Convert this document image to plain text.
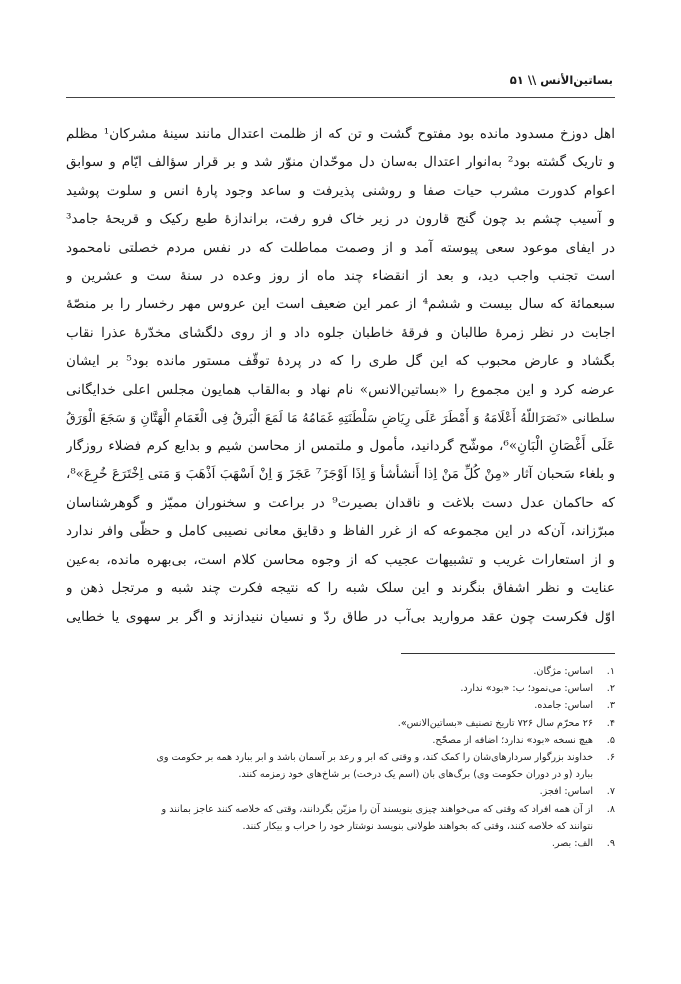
بساتین‌الأنس \\ ۵۱
اهل دوزخ مسدود مانده بود مفتوح گشت و تن که از ظلمت اعتدال مانند سینهٔ مشرکان¹ مظلم
و تاریک گشته بود² به‌انوار اعتدال به‌سان دل موحّدان منوّر شد و بر قرار سؤالف ایّام و سوابق
اعوام کدورت مشرب حیات صفا و روشنی پذیرفت و ساعد وجود پارهٔ انس و سلوت پوشید
و آسیب چشم بد چون گنج قارون در زیر خاک فرو رفت، براندازهٔ طبع رکیک و قریحهٔ جامد³
در ایفای موعود سعی پیوسته آمد و از وصمت مماطلت که در نفس مردم خصلتی نامحمود
است تجنب واجب دید، و بعد از انقضاء چند ماه از روز وعده در سنهٔ ست و عشرین و
سبعمائة که سال بیست و ششم⁴ از عمر این ضعیف است این عروس مهر رخسار را بر منصّهٔ
اجابت در نظر زمرهٔ طالبان و فرقهٔ خاطبان جلوه داد و از روی دلگشای مخدّرهٔ عذرا نقاب
بگشاد و عارض محبوب که این گل طری را که در پردهٔ توقّف مستور مانده بود⁵ بر ایشان
عرضه کرد و این مجموع را «بساتین‌الانس» نام نهاد و به‌القاب همایون مجلس اعلی خدایگانی
سلطانی «نَصَرَاللّهُ أَعْلَامَهُ وَ أَمْطَرَ عَلَی رِيَاضِ سَلْطَنَتِهِ غَمَامُهُ مَا لَمَعَ الْبَرقُ فِی الْغَمَامِ الْهَتَّانِ وَ سَجَعَ الْوَرَقُ
عَلَی أَغْصَانِ الْبَانِ»⁶، موشّح گردانید، مأمول و ملتمس از محاسن شیم و بدایع کرم فضلاء روزگار
و بلغاء سَحبان آثار «مِنْ کُلِّ مَنْ اِذا أَنشأشأ وَ اِذَا اَوْجَزَ⁷ عَجَزَ وَ اِنْ اَسْهَبَ اَذْهَبَ وَ مَتی اِخْتَرَعَ خُرِعَ»⁸،
که حاکمان عدل دست بلاغت و ناقدان بصیرت⁹ در براعت و سخنوران ممیّز و گوهرشناسان
مبرّزاند، آن‌که در این مجموعه که از غرر الفاظ و دقایق معانی نصیبی کامل و حظّی وافر ندارد
و از استعارات غریب و تشبیهات عجیب که از وجوه محاسن کلام است، بی‌بهره مانده، به‌عین
عنایت و نظر اشفاق بنگرند و این سلک شبه را که نتیجه فکرت چند شبه و مرتجل ذهن و
اوّل فکرست چون عقد مروارید بی‌آب در طاق ردّ و نسیان ننیدازند و اگر بر سهوی یا خطایی
۱.
اساس: مژگان.
۲.
اساس: می‌نمود؛ ب: «بود» ندارد.
۳.
اساس: جامده.
۴.
۲۶ محرّم سال ۷۲۶ تاریخ تصنیف «بساتین‌الانس».
۵.
هیچ نسخه «بود» ندارد؛ اضافه از مصحّح.
۶.
خداوند بزرگوار سردارهای‌شان را کمک کند، و وقتی که ابر و رعد بر آسمان باشد و ابر ببارد همه بر حکومت وی
ببارد (و در دوران حکومت وی) برگ‌های بان (اسم یک درخت) بر شاخ‌های خود زمزمه کنند.
۷.
اساس: افجز.
۸.
از آن همه افراد که وقتی که می‌خواهند چیزی بنویسند آن را مزیّن بگردانند، وقتی که خلاصه کنند عاجز بمانند و
نتوانند که خلاصه کنند، وقتی که بخواهند طولانی بنویسد نوشتار خود را خراب و بیکار کنند.
۹.
الف: بصر.
